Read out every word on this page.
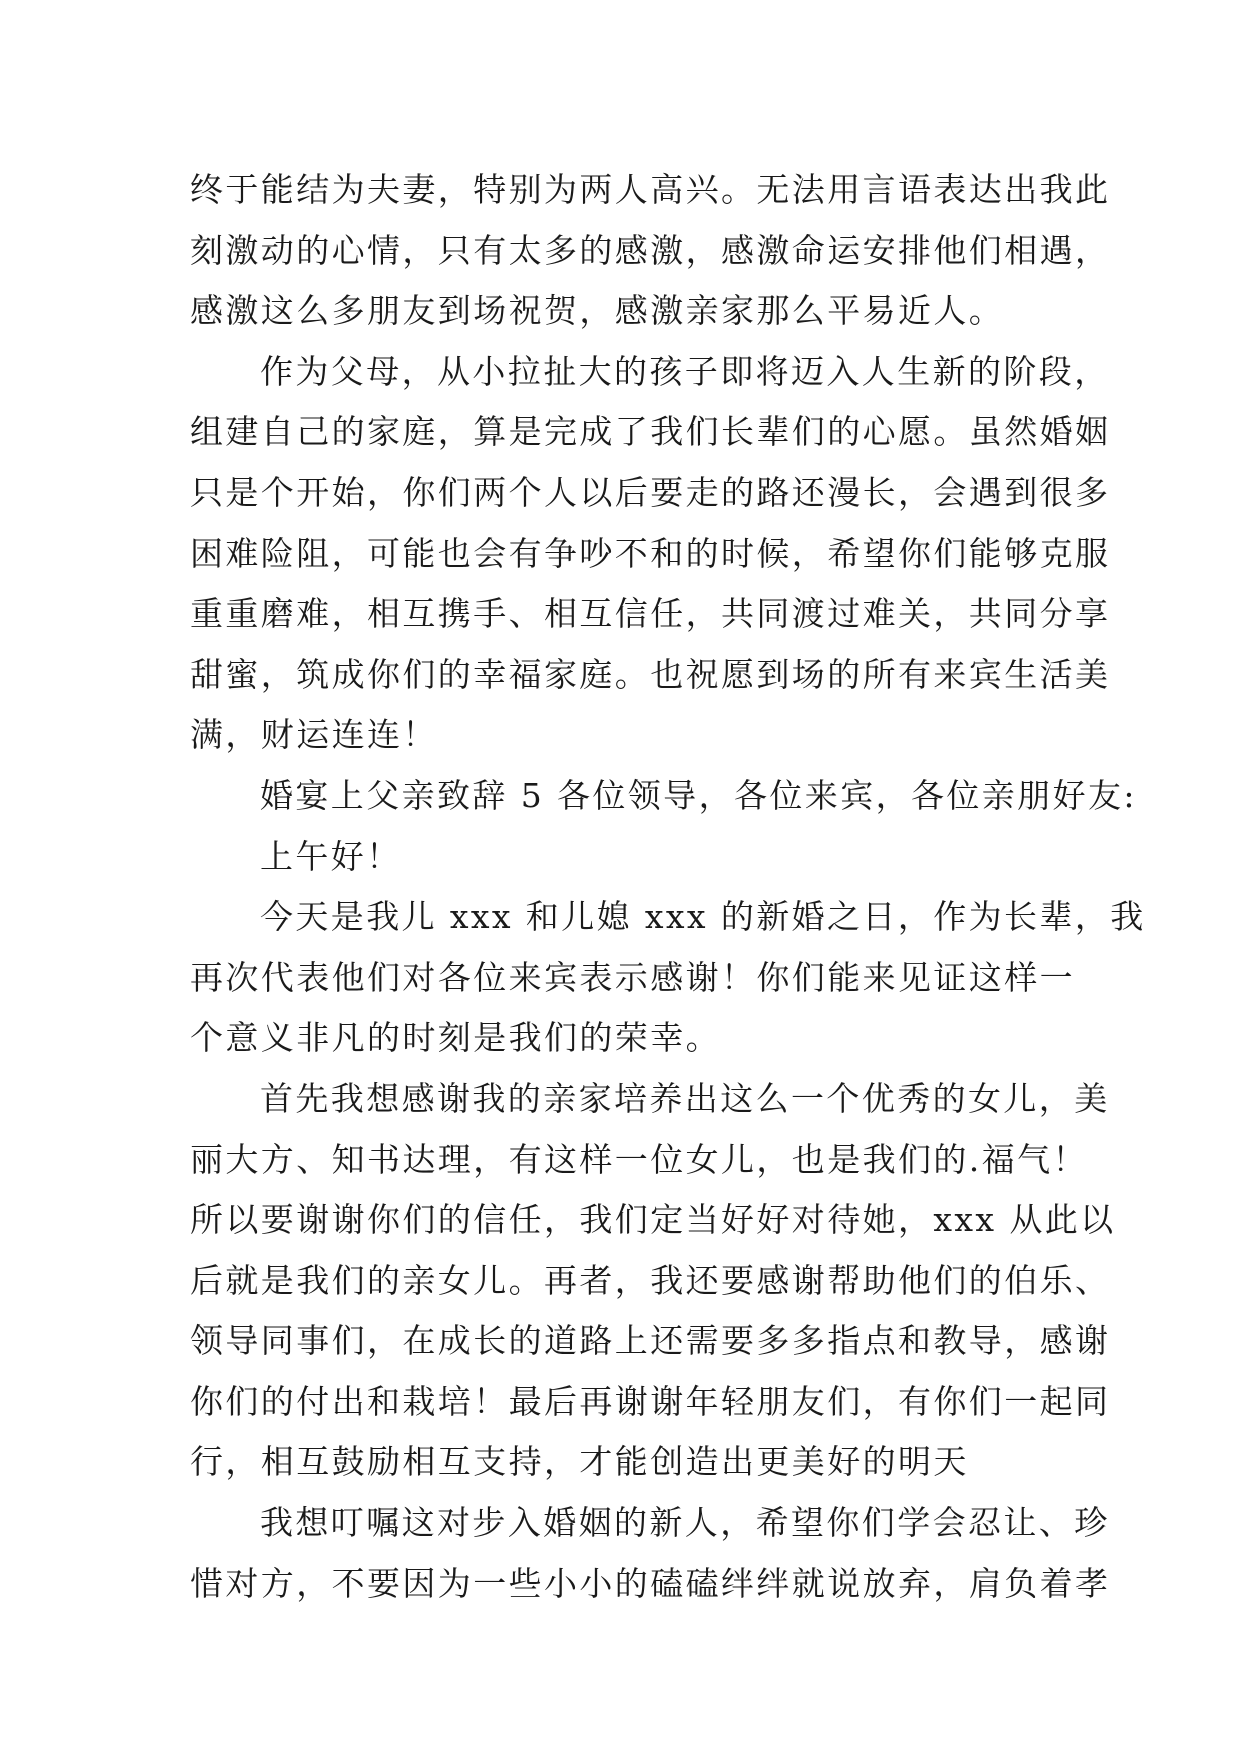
终于能结为夫妻，特别为两人高兴。无法用言语表达出我此
刻激动的心情，只有太多的感激，感激命运安排他们相遇，
感激这么多朋友到场祝贺，感激亲家那么平易近人。
作为父母，从小拉扯大的孩子即将迈入人生新的阶段，
组建自己的家庭，算是完成了我们长辈们的心愿。虽然婚姻
只是个开始，你们两个人以后要走的路还漫长，会遇到很多
困难险阻，可能也会有争吵不和的时候，希望你们能够克服
重重磨难，相互携手、相互信任，共同渡过难关，共同分享
甜蜜，筑成你们的幸福家庭。也祝愿到场的所有来宾生活美
满，财运连连！
婚宴上父亲致辞 5 各位领导，各位来宾，各位亲朋好友:
上午好！
今天是我儿 xxx 和儿媳 xxx 的新婚之日，作为长辈，我
再次代表他们对各位来宾表示感谢！你们能来见证这样一
个意义非凡的时刻是我们的荣幸。
首先我想感谢我的亲家培养出这么一个优秀的女儿，美
丽大方、知书达理，有这样一位女儿，也是我们的.福气！
所以要谢谢你们的信任，我们定当好好对待她，xxx 从此以
后就是我们的亲女儿。再者，我还要感谢帮助他们的伯乐、
领导同事们，在成长的道路上还需要多多指点和教导，感谢
你们的付出和栽培！最后再谢谢年轻朋友们，有你们一起同
行，相互鼓励相互支持，才能创造出更美好的明天
我想叮嘱这对步入婚姻的新人，希望你们学会忍让、珍
惜对方，不要因为一些小小的磕磕绊绊就说放弃，肩负着孝
